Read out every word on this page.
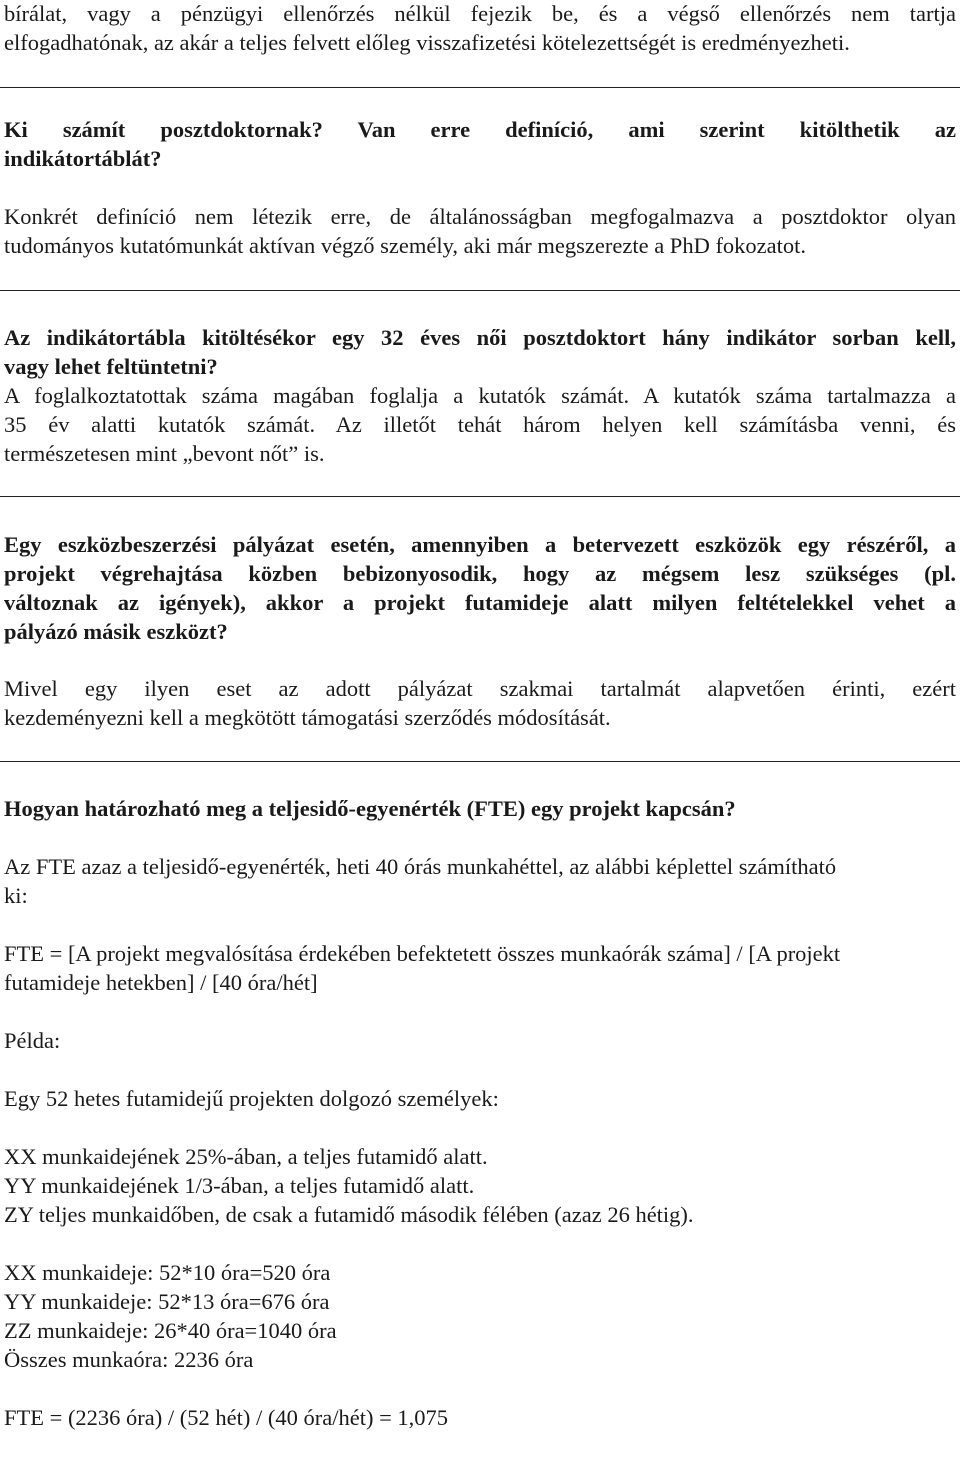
bírálat, vagy a pénzügyi ellenőrzés nélkül fejezik be, és a végső ellenőrzés nem tartja

elfogadhatónak, az akár a teljes felvett előleg visszafizetési kötelezettségét is eredményezheti.

Ki számít posztdoktornak? Van erre definíció, ami szerint kitölthetik az

indikátortáblát?

Konkrét definíció nem létezik erre, de általánosságban megfogalmazva a posztdoktor olyan

tudományos kutatómunkát aktívan végző személy, aki már megszerezte a PhD fokozatot.

Az indikátortábla kitöltésékor egy 32 éves női posztdoktort hány indikátor sorban kell,

vagy lehet feltüntetni?

A foglalkoztatottak száma magában foglalja a kutatók számát. A kutatók száma tartalmazza a

35 év alatti kutatók számát. Az illetőt tehát három helyen kell számításba venni, és

természetesen mint „bevont nőt” is.

Egy eszközbeszerzési pályázat esetén, amennyiben a betervezett eszközök egy részéről, a

projekt végrehajtása közben bebizonyosodik, hogy az mégsem lesz szükséges (pl.

változnak az igények), akkor a projekt futamideje alatt milyen feltételekkel vehet a

pályázó másik eszközt?

Mivel egy ilyen eset az adott pályázat szakmai tartalmát alapvetően érinti, ezért

kezdeményezni kell a megkötött támogatási szerződés módosítását.

Hogyan határozható meg a teljesidő-egyenérték (FTE) egy projekt kapcsán?

Az FTE azaz a teljesidő-egyenérték, heti 40 órás munkahéttel, az alábbi képlettel számítható

ki:

FTE = [A projekt megvalósítása érdekében befektetett összes munkaórák száma] / [A projekt

futamideje hetekben] / [40 óra/hét]

Példa:

Egy 52 hetes futamidejű projekten dolgozó személyek:

XX munkaidejének 25%-ában, a teljes futamidő alatt.

YY munkaidejének 1/3-ában, a teljes futamidő alatt.

ZY teljes munkaidőben, de csak a futamidő második félében (azaz 26 hétig).

XX munkaideje: 52*10 óra=520 óra

YY munkaideje: 52*13 óra=676 óra

ZZ munkaideje: 26*40 óra=1040 óra

Összes munkaóra: 2236 óra

FTE = (2236 óra) / (52 hét) / (40 óra/hét) = 1,075
